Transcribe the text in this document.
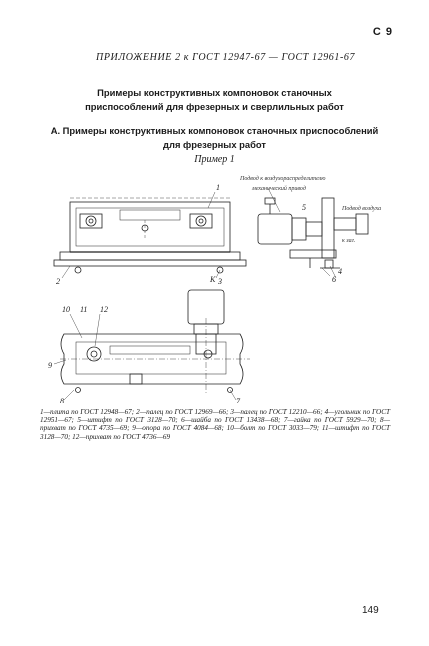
С 9
ПРИЛОЖЕНИЕ 2 к ГОСТ 12947-67 — ГОСТ 12961-67
Примеры конструктивных компоновок станочных
приспособлений для фрезерных и сверлильных работ
А. Примеры конструктивных компоновок станочных приспособлений
для фрезерных работ
Пример 1
1
2	3
4
5
6
7
8
9
10 11 12
К
Подвод к воздухораспределителю
механический привод
Подвод воздуха
к заг.
1—плита по ГОСТ 12948—67; 2—палец по ГОСТ 12969—66; 3—палец по ГОСТ 12210—66; 4—угольник по ГОСТ 12951—67; 5—штифт по ГОСТ 3128—70; 6—шайба по ГОСТ 13438—68; 7—гайка по ГОСТ 5929—70; 8—прихват по ГОСТ 4735—69; 9—опора по ГОСТ 4084—68; 10—болт по ГОСТ 3033—79; 11—штифт по ГОСТ 3128—70; 12—прихват по ГОСТ 4736—69
149
